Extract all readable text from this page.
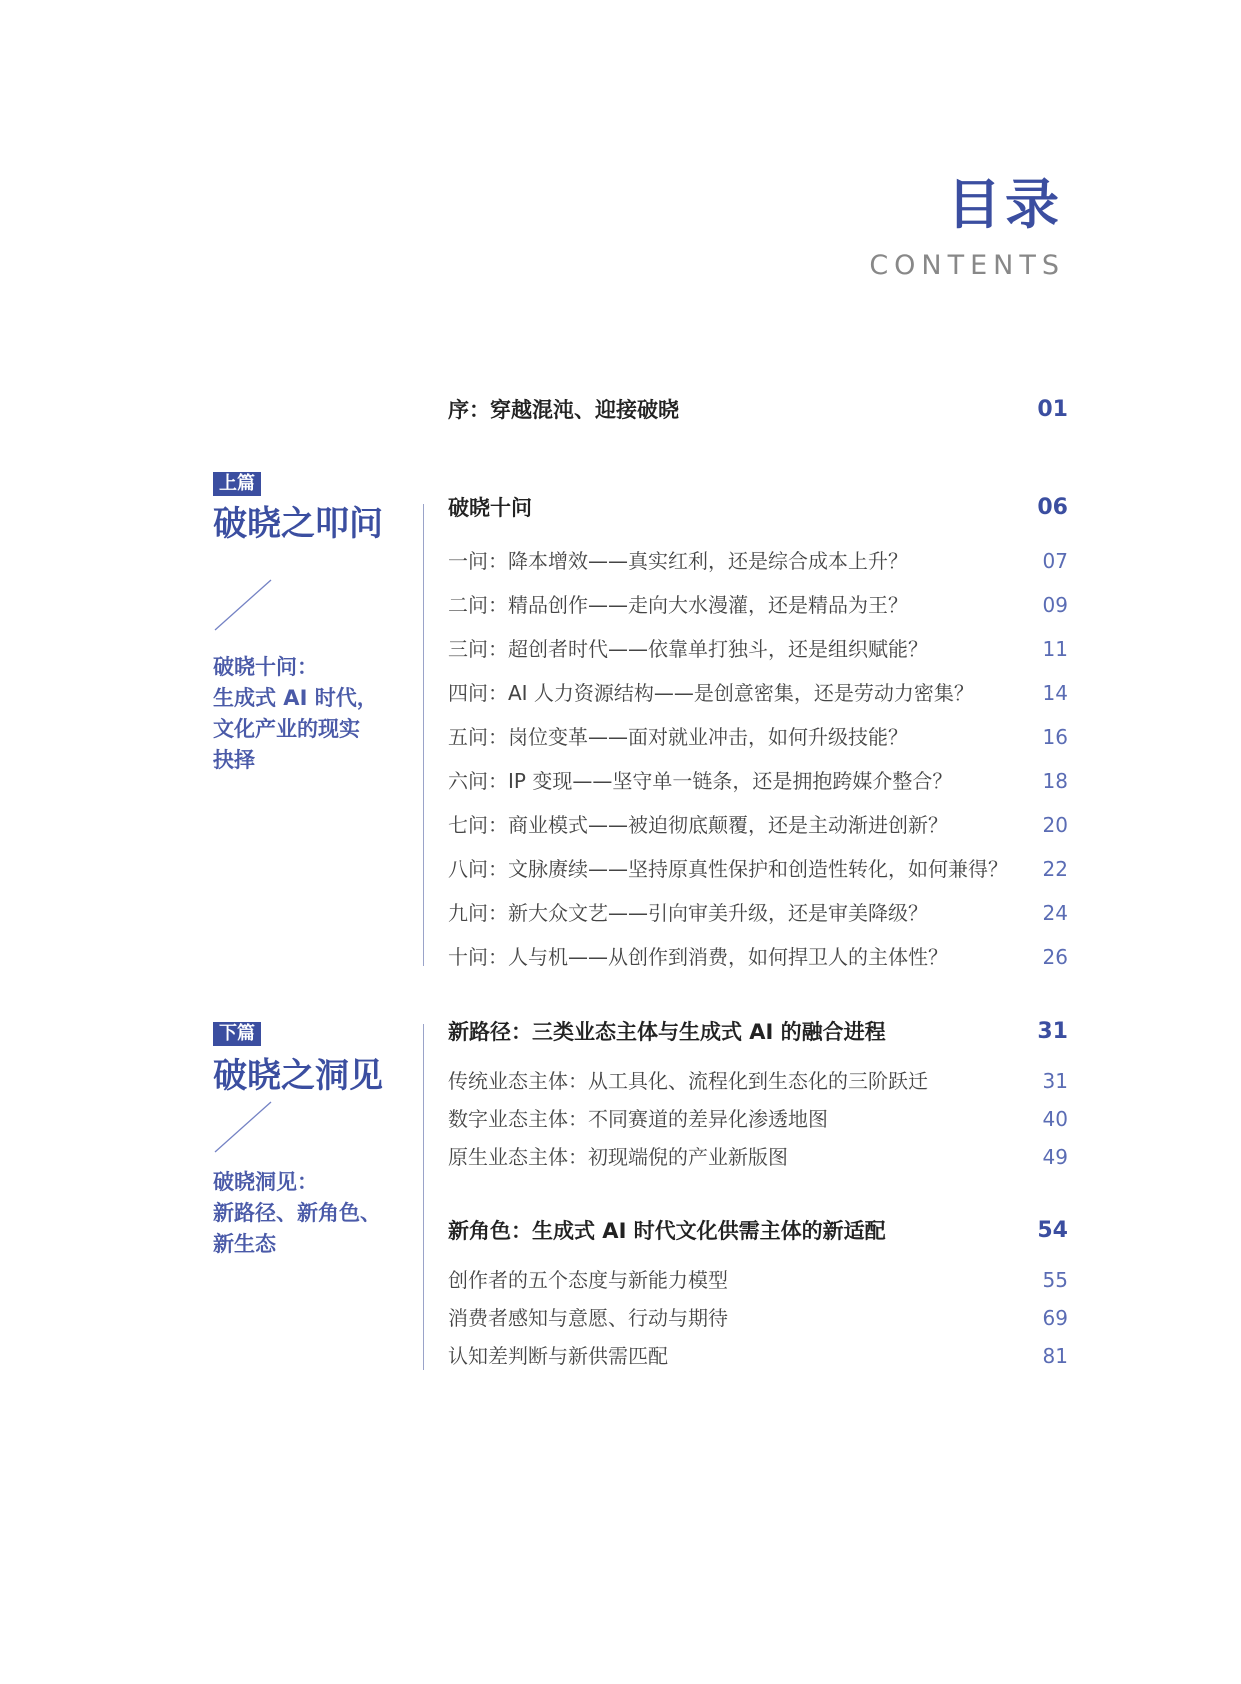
目录
CONTENTS
序：穿越混沌、迎接破晓	01
上篇
破晓之叩问
破晓十问：
生成式 AI 时代，
文化产业的现实
抉择
破晓十问	06
一问：降本增效——真实红利，还是综合成本上升？	07
二问：精品创作——走向大水漫灌，还是精品为王？	09
三问：超创者时代——依靠单打独斗，还是组织赋能？	11
四问：AI 人力资源结构——是创意密集，还是劳动力密集？	14
五问：岗位变革——面对就业冲击，如何升级技能？	16
六问：IP 变现——坚守单一链条，还是拥抱跨媒介整合？	18
七问：商业模式——被迫彻底颠覆，还是主动渐进创新？	20
八问：文脉赓续——坚持原真性保护和创造性转化，如何兼得？ 22
九问：新大众文艺——引向审美升级，还是审美降级？	24
十问：人与机——从创作到消费，如何捍卫人的主体性？	26
下篇
破晓之洞见
破晓洞见：
新路径、新角色、
新生态
新路径：三类业态主体与生成式 AI 的融合进程	31
传统业态主体：从工具化、流程化到生态化的三阶跃迁	31
数字业态主体：不同赛道的差异化渗透地图	40
原生业态主体：初现端倪的产业新版图	49
新角色：生成式 AI 时代文化供需主体的新适配	54
创作者的五个态度与新能力模型	55
消费者感知与意愿、行动与期待	69
认知差判断与新供需匹配	81
